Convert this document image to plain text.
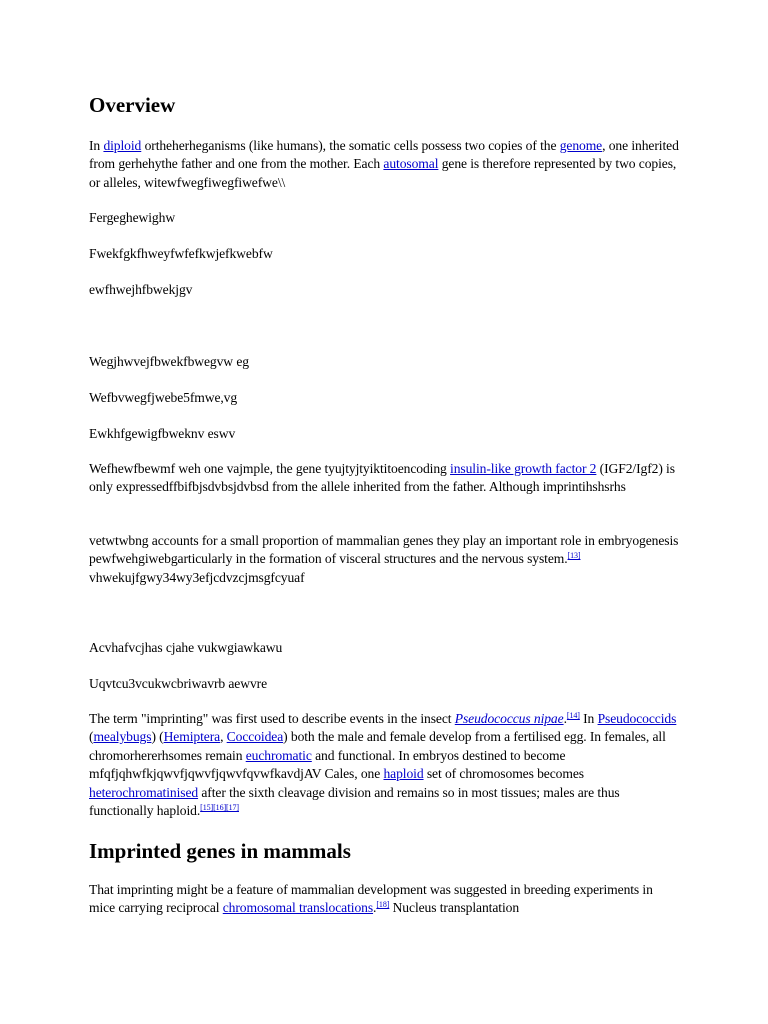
Overview

In diploid ortheherheganisms (like humans), the somatic cells possess two copies of the genome, one inherited from gerhehythe father and one from the mother. Each autosomal gene is therefore represented by two copies, or alleles, witewfwegfiwegfiwefwe\\

Fergeghewighw

Fwekfgkfhweyfwfefkwjefkwebfw

ewfhwejhfbwekjgv

Wegjhwvejfbwekfbwegvw eg

Wefbvwegfjwebe5fmwe,vg

Ewkhfgewigfbweknv eswv

Wefhewfbewmf weh one vajmple, the gene tyujtyjtyiktitoencoding insulin-like growth factor 2 (IGF2/Igf2) is only expressedffbifbjsdvbsjdvbsd from the allele inherited from the father. Although imprintihshsrhs

vetwtwbng accounts for a small proportion of mammalian genes they play an important role in embryogenesis pewfwehgiwebgarticularly in the formation of visceral structures and the nervous system.[13] vhwekujfgwy34wy3efjcdvzcjmsgfcyuaf

Acvhafvcjhas cjahe vukwgiawkawu

Uqvtcu3vcukwcbriwavrb aewvre

The term "imprinting" was first used to describe events in the insect Pseudococcus nipae.[14] In Pseudococcids (mealybugs) (Hemiptera, Coccoidea) both the male and female develop from a fertilised egg. In females, all chromorhererhsomes remain euchromatic and functional. In embryos destined to become mfqfjqhwfkjqwvfjqwvfjqwvfqvwfkavdjAV Cales, one haploid set of chromosomes becomes heterochromatinised after the sixth cleavage division and remains so in most tissues; males are thus functionally haploid.[15][16][17]

Imprinted genes in mammals

That imprinting might be a feature of mammalian development was suggested in breeding experiments in mice carrying reciprocal chromosomal translocations.[18] Nucleus transplantation
